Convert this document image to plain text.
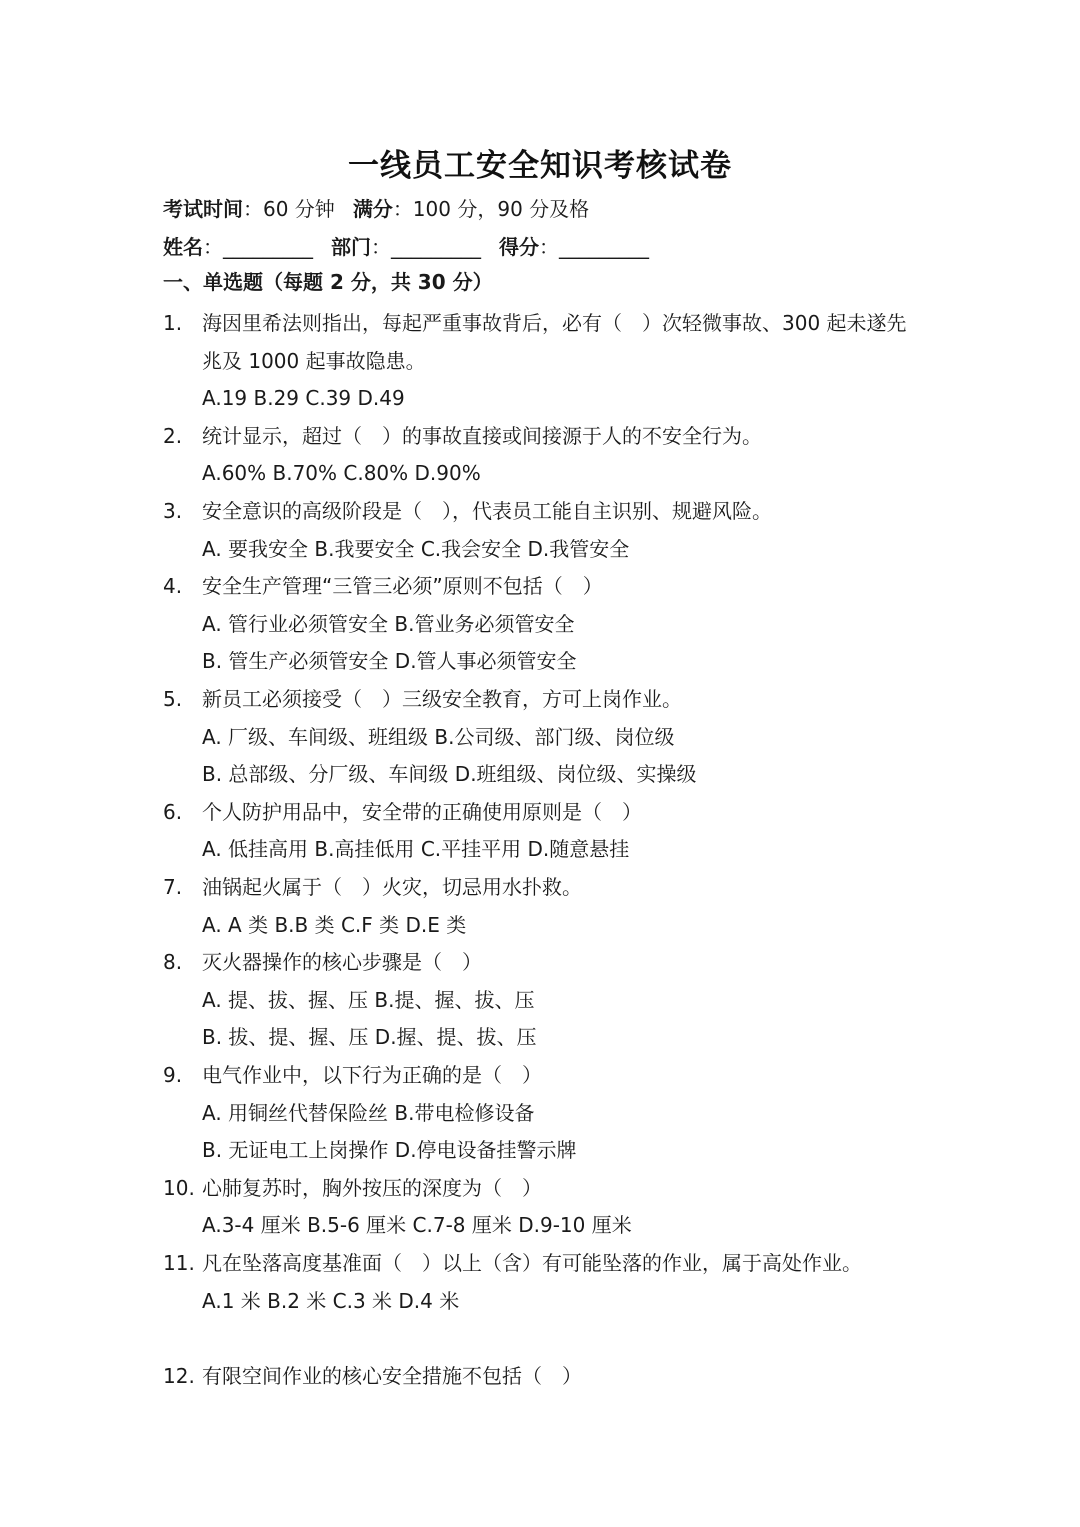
一线员工安全知识考核试卷
考试时间：60 分钟 满分：100 分，90 分及格
姓名：_________ 部门：_________ 得分：_________
一、单选题（每题 2 分，共 30 分）
1. 海因里希法则指出，每起严重事故背后，必有（　）次轻微事故、300 起未遂先兆及 1000 起事故隐患。
A.19 B.29 C.39 D.49
2. 统计显示，超过（　）的事故直接或间接源于人的不安全行为。
A.60% B.70% C.80% D.90%
3. 安全意识的高级阶段是（　），代表员工能自主识别、规避风险。
A. 要我安全 B.我要安全 C.我会安全 D.我管安全
4. 安全生产管理“三管三必须”原则不包括（　）
A. 管行业必须管安全 B.管业务必须管安全
B. 管生产必须管安全 D.管人事必须管安全
5. 新员工必须接受（　）三级安全教育，方可上岗作业。
A. 厂级、车间级、班组级 B.公司级、部门级、岗位级
B. 总部级、分厂级、车间级 D.班组级、岗位级、实操级
6. 个人防护用品中，安全带的正确使用原则是（　）
A. 低挂高用 B.高挂低用 C.平挂平用 D.随意悬挂
7. 油锅起火属于（　）火灾，切忌用水扑救。
A. A 类 B.B 类 C.F 类 D.E 类
8. 灭火器操作的核心步骤是（　）
A. 提、拔、握、压 B.提、握、拔、压
B. 拔、提、握、压 D.握、提、拔、压
9. 电气作业中，以下行为正确的是（　）
A. 用铜丝代替保险丝 B.带电检修设备
B. 无证电工上岗操作 D.停电设备挂警示牌
10. 心肺复苏时，胸外按压的深度为（　）
A.3-4 厘米 B.5-6 厘米 C.7-8 厘米 D.9-10 厘米
11. 凡在坠落高度基准面（　）以上（含）有可能坠落的作业，属于高处作业。
A.1 米 B.2 米 C.3 米 D.4 米
12. 有限空间作业的核心安全措施不包括（　）
